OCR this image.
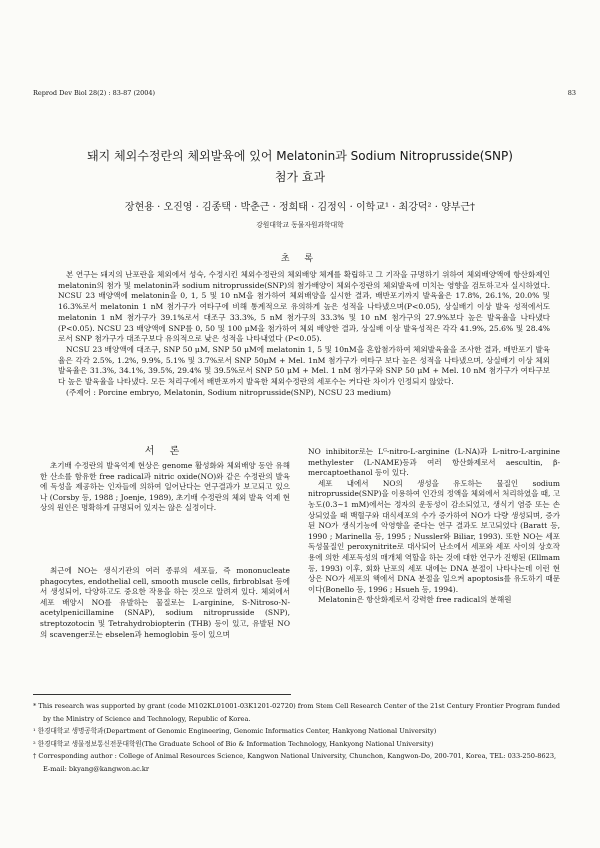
Reprod Dev Biol 28(2) : 83-87 (2004)	83
돼지 체외수정란의 체외발육에 있어 Melatonin과 Sodium Nitroprusside(SNP)
첨가 효과
장현용 · 오진영 · 김종택 · 박춘근 · 정희태 · 김정익 · 이학교¹ · 최강덕² · 양부근†
강원대학교 동물자원과학대학
초 록

본 연구는 돼지의 난포란을 체외에서 성숙, 수정시킨 체외수정란의 체외배양 체계를 확립하고 그 기작을 규명하기 위하여 체외배양액에 항산화제인 melatonin의 첨가 및 melatonin과 sodium nitroprusside(SNP)의 첨가배양이 체외수정란의 체외발육에 미치는 영향을 검토하고자 실시하였다. NCSU 23 배양액에 melatonin을 0, 1, 5 및 10 nM을 첨가하여 체외배양을 실시한 결과, 배반포기까지 발육율은 17.8%, 26.1%, 20.0% 및 16.3%로서 melatonin 1 nM 첨가구가 여타구에 비해 통계적으로 유의하게 높은 성적을 나타냈으며(P<0.05), 상실배기 이상 발육 성적에서도 melatonin 1 nM 첨가구가 39.1%로서 대조구 33.3%, 5 nM 첨가구의 33.3% 및 10 nM 첨가구의 27.9%보다 높은 발육율을 나타냈다(P<0.05). NCSU 23 배양액에 SNP를 0, 50 및 100 μM을 첨가하여 체외 배양한 결과, 상실배 이상 발육성적은 각각 41.9%, 25.6% 및 28.4%로서 SNP 첨가구가 대조구보다 유의적으로 낮은 성적을 나타내었다 (P<0.05).

NCSU 23 배양액에 대조구, SNP 50 μM, SNP 50 μM에 melatonin 1, 5 및 10nM을 혼합첨가하여 체외발육율을 조사한 결과, 배반포기 발육율은 각각 2.5%, 1.2%, 9.9%, 5.1% 및 3.7%로서 SNP 50μM + Mel. 1nM 첨가구가 여타구 보다 높은 성적을 나타냈으며, 상실배기 이상 체외 발육율은 31.3%, 34.1%, 39.5%, 29.4% 및 39.5%로서 SNP 50 μM + Mel. 1 nM 첨가구와 SNP 50 μM + Mel. 10 nM 첨가구가 여타구보다 높은 발육율을 나타냈다. 모든 처리구에서 배반포까지 발육한 체외수정란의 세포수는 커다란 차이가 인정되지 않았다.

(주제어 : Porcine embryo, Melatonin, Sodium nitroprusside(SNP), NCSU 23 medium)

서 론

초기배 수정란의 발육억제 현상은 genome 활성화와 체외배양 동안 유해한 산소를 함유한 free radical과 nitric oxide(NO)와 같은 수정란의 발육에 독성을 제공하는 인자들에 의하여 일어난다는 연구결과가 보고되고 있으나 (Corsby 등, 1988 ; Joenje, 1989), 초기배 수정란의 체외 발육 억제 현상의 원인은 명확하게 규명되어 있지는 않은 실정이다.

최근에 NO는 생식기관의 여러 종류의 세포들, 즉 mononucleate phagocytes, endothelial cell, smooth muscle cells, firbroblsat 등에서 생성되어, 다양하고도 중요한 작용을 하는 것으로 알려져 있다. 체외에서 세포 배양시 NO를 유발하는 물질로는 L-arginine, S-Nitroso-N-acetylpenicillamine (SNAP), sodium nitroprusside (SNP), streptozotocin 및 Tetrahydrobiopterin (THB) 등이 있고, 유발된 NO의 scavenger로는 ebselen과 hemoglobin 등이 있으며

NO inhibitor로는 Lᴳ-nitro-L-arginine (L-NA)과 L-nitro-L-arginine methylester (L-NAME)등과 여러 항산화제로서 aescultin, β-mercaptoethanol 등이 있다.

세포 내에서 NO의 생성을 유도하는 물질인 sodium nitroprusside(SNP)을 이용하여 인간의 정액을 체외에서 처리하였을 때, 고농도(0.3~1 mM)에서는 정자의 운동성이 감소되었고, 생식기 염증 또는 손상되었을 때 백혈구와 대식세포의 수가 증가하여 NO가 다량 생성되며, 증가된 NO가 생식기능에 악영향을 준다는 연구 결과도 보고되었다 (Baratt 등, 1990 ; Marinella 등, 1995 ; Nussler와 Biliar, 1993). 또한 NO는 세포독성물질인 peroxynitrite로 대사되어 난소에서 세포와 세포 사이의 상호작용에 의한 세포독성의 매개체 역할을 하는 것에 대한 연구가 진행된 (Ellmam 등, 1993) 이후, 회화 난포의 세포 내에는 DNA 분절이 나타나는데 이런 현상은 NO가 세포의 핵에서 DNA 분절을 일으켜 apoptosis를 유도하기 때문이다(Bonello 등, 1996 ; Hsueh 등, 1994).

Melatonin은 항산화제로서 강력한 free radical의 분해원

* This research was supported by grant (code M102KL01001-03K1201-02720) from Stem Cell Research Center of the 21st Century Frontier Program funded by the Ministry of Science and Technology, Republic of Korea.
¹ 한경대학교 생명공학과(Department of Genomic Engineering, Genomic Informatics Center, Hankyong National University)
² 한경대학교 생물정보통신전문대학원(The Graduate School of Bio & Information Technology, Hankyong National University)
† Corresponding author : College of Animal Resources Science, Kangwon National University, Chunchon, Kangwon-Do, 200-701, Korea, TEL: 033-250-8623, E-mail: bkyang@kangwon.ac.kr
